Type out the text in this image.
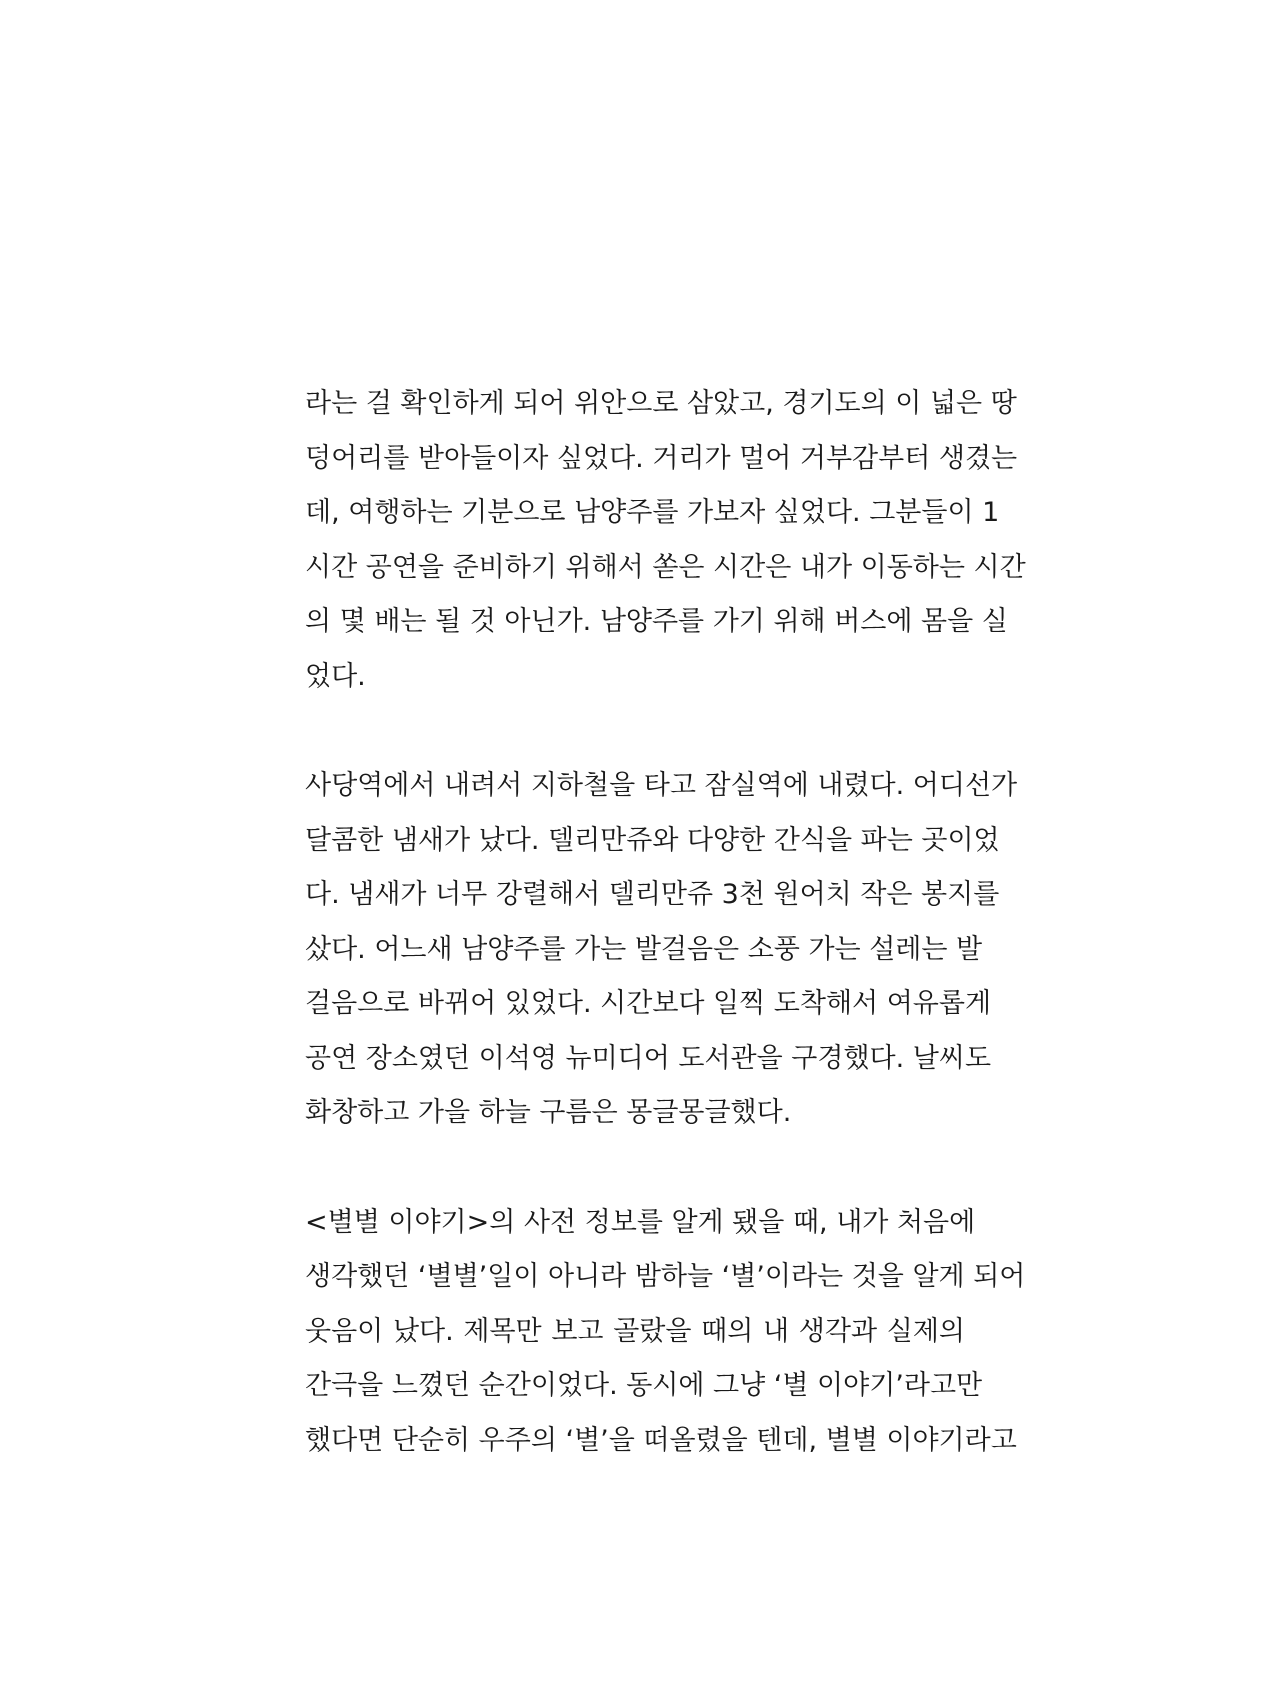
라는 걸 확인하게 되어 위안으로 삼았고, 경기도의 이 넓은 땅
덩어리를 받아들이자 싶었다. 거리가 멀어 거부감부터 생겼는
데, 여행하는 기분으로 남양주를 가보자 싶었다. 그분들이 1
시간 공연을 준비하기 위해서 쏟은 시간은 내가 이동하는 시간
의 몇 배는 될 것 아닌가. 남양주를 가기 위해 버스에 몸을 실
었다.

사당역에서 내려서 지하철을 타고 잠실역에 내렸다. 어디선가
달콤한 냄새가 났다. 델리만쥬와 다양한 간식을 파는 곳이었
다. 냄새가 너무 강렬해서 델리만쥬 3천 원어치 작은 봉지를
샀다. 어느새 남양주를 가는 발걸음은 소풍 가는 설레는 발
걸음으로 바뀌어 있었다. 시간보다 일찍 도착해서 여유롭게
공연 장소였던 이석영 뉴미디어 도서관을 구경했다. 날씨도
화창하고 가을 하늘 구름은 몽글몽글했다.

<별별 이야기>의 사전 정보를 알게 됐을 때, 내가 처음에
생각했던 ‘별별’일이 아니라 밤하늘 ‘별’이라는 것을 알게 되어
웃음이 났다. 제목만 보고 골랐을 때의 내 생각과 실제의
간극을 느꼈던 순간이었다. 동시에 그냥 ‘별 이야기’라고만
했다면 단순히 우주의 ‘별’을 떠올렸을 텐데, 별별 이야기라고
